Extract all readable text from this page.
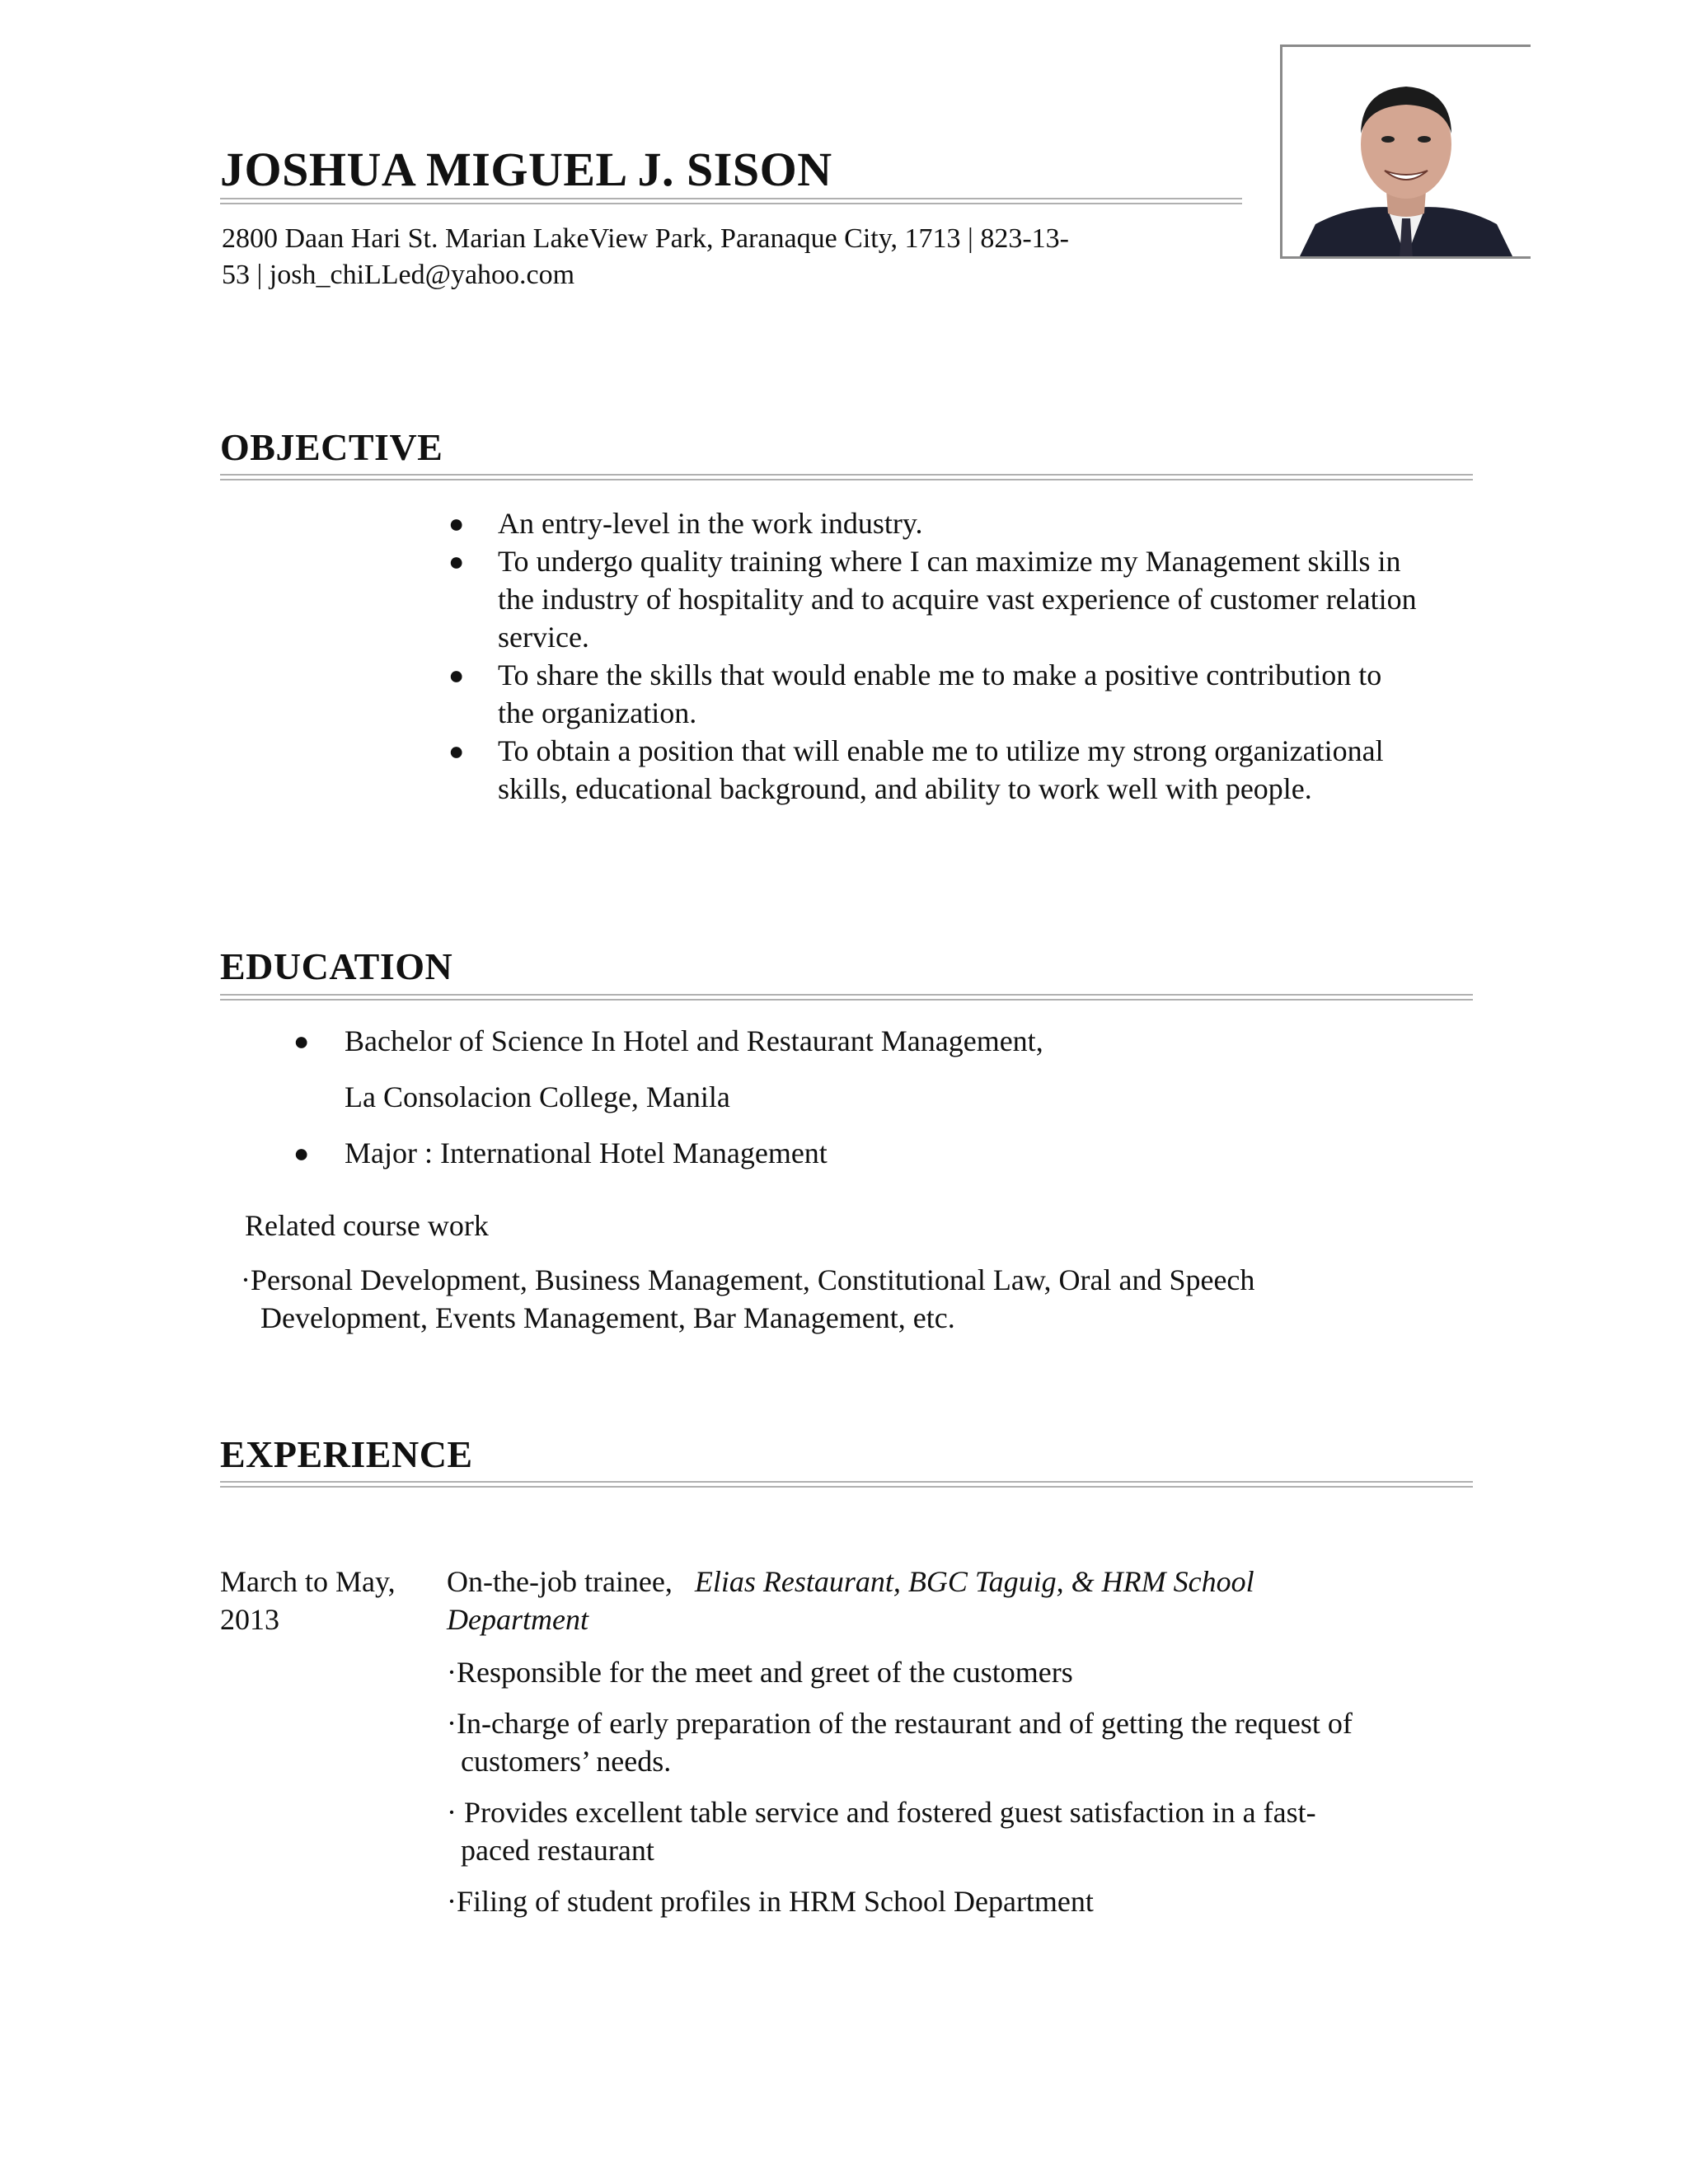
JOSHUA MIGUEL J. SISON
2800 Daan Hari St. Marian LakeView Park, Paranaque City, 1713 | 823-13-
53 | josh_chiLLed@yahoo.com
OBJECTIVE
● An entry-level in the work industry.
● To undergo quality training where I can maximize my Management skills in the industry of hospitality and to acquire vast experience of customer relation service.
● To share the skills that would enable me to make a positive contribution to the organization.
● To obtain a position that will enable me to utilize my strong organizational skills, educational background, and ability to work well with people.
EDUCATION
● Bachelor of Science In Hotel and Restaurant Management,
La Consolacion College, Manila
● Major : International Hotel Management
Related course work
·Personal Development, Business Management, Constitutional Law, Oral and Speech Development, Events Management, Bar Management, etc.
EXPERIENCE
March to May, 2013
On-the-job trainee, Elias Restaurant, BGC Taguig, & HRM School Department
·Responsible for the meet and greet of the customers
·In-charge of early preparation of the restaurant and of getting the request of customers’ needs.
· Provides excellent table service and fostered guest satisfaction in a fast-paced restaurant
·Filing of student profiles in HRM School Department
